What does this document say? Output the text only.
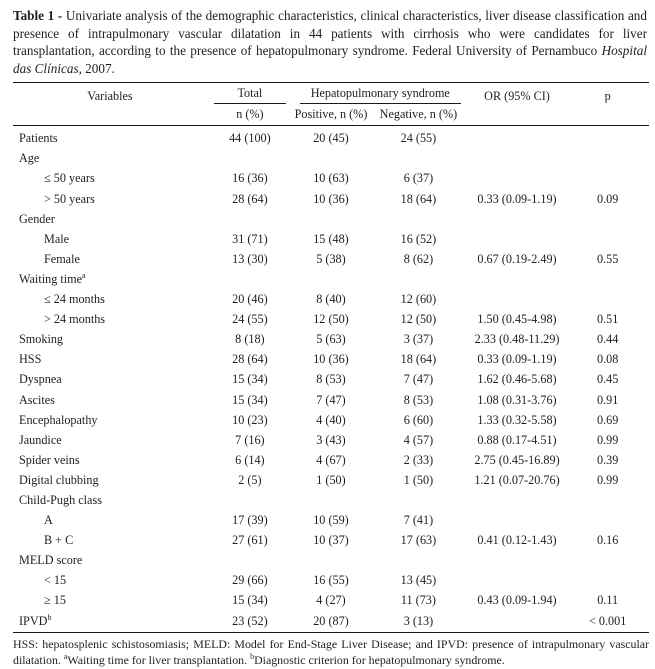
Table 1 - Univariate analysis of the demographic characteristics, clinical characteristics, liver disease classification and presence of intrapulmonary vascular dilatation in 44 patients with cirrhosis who were candidates for liver transplantation, according to the presence of hepatopulmonary syndrome. Federal University of Pernambuco Hospital das Clínicas, 2007.

Variables	Total	Hepatopulmonary syndrome		OR (95% CI)	p
	n (%)	Positive, n (%)	Negative, n (%)		
Patients	44 (100)	20 (45)	24 (55)		
Age					
≤ 50 years	16 (36)	10 (63)	6 (37)		
> 50 years	28 (64)	10 (36)	18 (64)	0.33 (0.09-1.19)	0.09
Gender					
Male	31 (71)	15 (48)	16 (52)		
Female	13 (30)	5 (38)	8 (62)	0.67 (0.19-2.49)	0.55
Waiting time$^a$					
≤ 24 months	20 (46)	8 (40)	12 (60)		
> 24 months	24 (55)	12 (50)	12 (50)	1.50 (0.45-4.98)	0.51
Smoking	8 (18)	5 (63)	3 (37)	2.33 (0.48-11.29)	0.44
HSS	28 (64)	10 (36)	18 (64)	0.33 (0.09-1.19)	0.08
Dyspnea	15 (34)	8 (53)	7 (47)	1.62 (0.46-5.68)	0.45
Ascites	15 (34)	7 (47)	8 (53)	1.08 (0.31-3.76)	0.91
Encephalopathy	10 (23)	4 (40)	6 (60)	1.33 (0.32-5.58)	0.69
Jaundice	7 (16)	3 (43)	4 (57)	0.88 (0.17-4.51)	0.99
Spider veins	6 (14)	4 (67)	2 (33)	2.75 (0.45-16.89)	0.39
Digital clubbing	2 (5)	1 (50)	1 (50)	1.21 (0.07-20.76)	0.99
Child-Pugh class					
A	17 (39)	10 (59)	7 (41)		
B + C	27 (61)	10 (37)	17 (63)	0.41 (0.12-1.43)	0.16
MELD score					
< 15	29 (66)	16 (55)	13 (45)		
≥ 15	15 (34)	4 (27)	11 (73)	0.43 (0.09-1.94)	0.11
IPVD$^b$	23 (52)	20 (87)	3 (13)		< 0.001

HSS: hepatosplenic schistosomiasis; MELD: Model for End-Stage Liver Disease; and IPVD: presence of intrapulmonary vascular dilatation. $^a$Waiting time for liver transplantation. $^b$Diagnostic criterion for hepatopulmonary syndrome.
